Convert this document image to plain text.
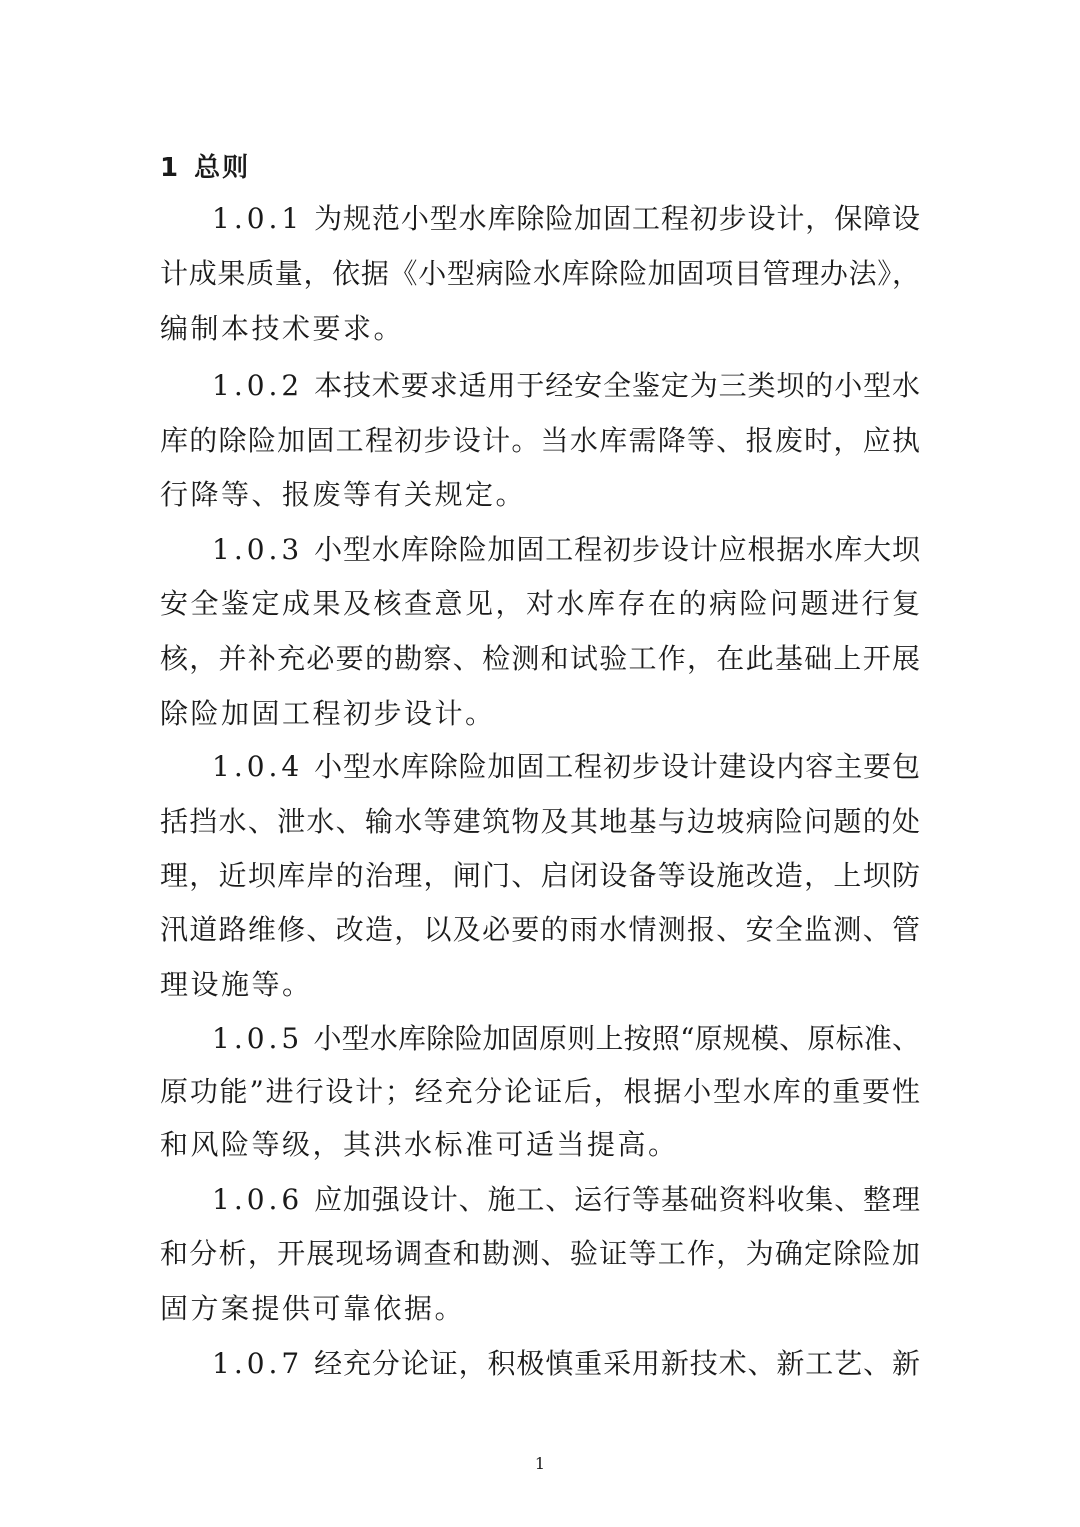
1 总则
1.0.1 为规范小型水库除险加固工程初步设计，保障设
计成果质量，依据《小型病险水库除险加固项目管理办法》，
编制本技术要求。
1.0.2 本技术要求适用于经安全鉴定为三类坝的小型水
库的除险加固工程初步设计。当水库需降等、报废时，应执
行降等、报废等有关规定。
1.0.3 小型水库除险加固工程初步设计应根据水库大坝
安全鉴定成果及核查意见，对水库存在的病险问题进行复
核，并补充必要的勘察、检测和试验工作，在此基础上开展
除险加固工程初步设计。
1.0.4 小型水库除险加固工程初步设计建设内容主要包
括挡水、泄水、输水等建筑物及其地基与边坡病险问题的处
理，近坝库岸的治理，闸门、启闭设备等设施改造，上坝防
汛道路维修、改造，以及必要的雨水情测报、安全监测、管
理设施等。
1.0.5 小型水库除险加固原则上按照“原规模、原标准、
原功能”进行设计；经充分论证后，根据小型水库的重要性
和风险等级，其洪水标准可适当提高。
1.0.6 应加强设计、施工、运行等基础资料收集、整理
和分析，开展现场调查和勘测、验证等工作，为确定除险加
固方案提供可靠依据。
1.0.7 经充分论证，积极慎重采用新技术、新工艺、新
1
